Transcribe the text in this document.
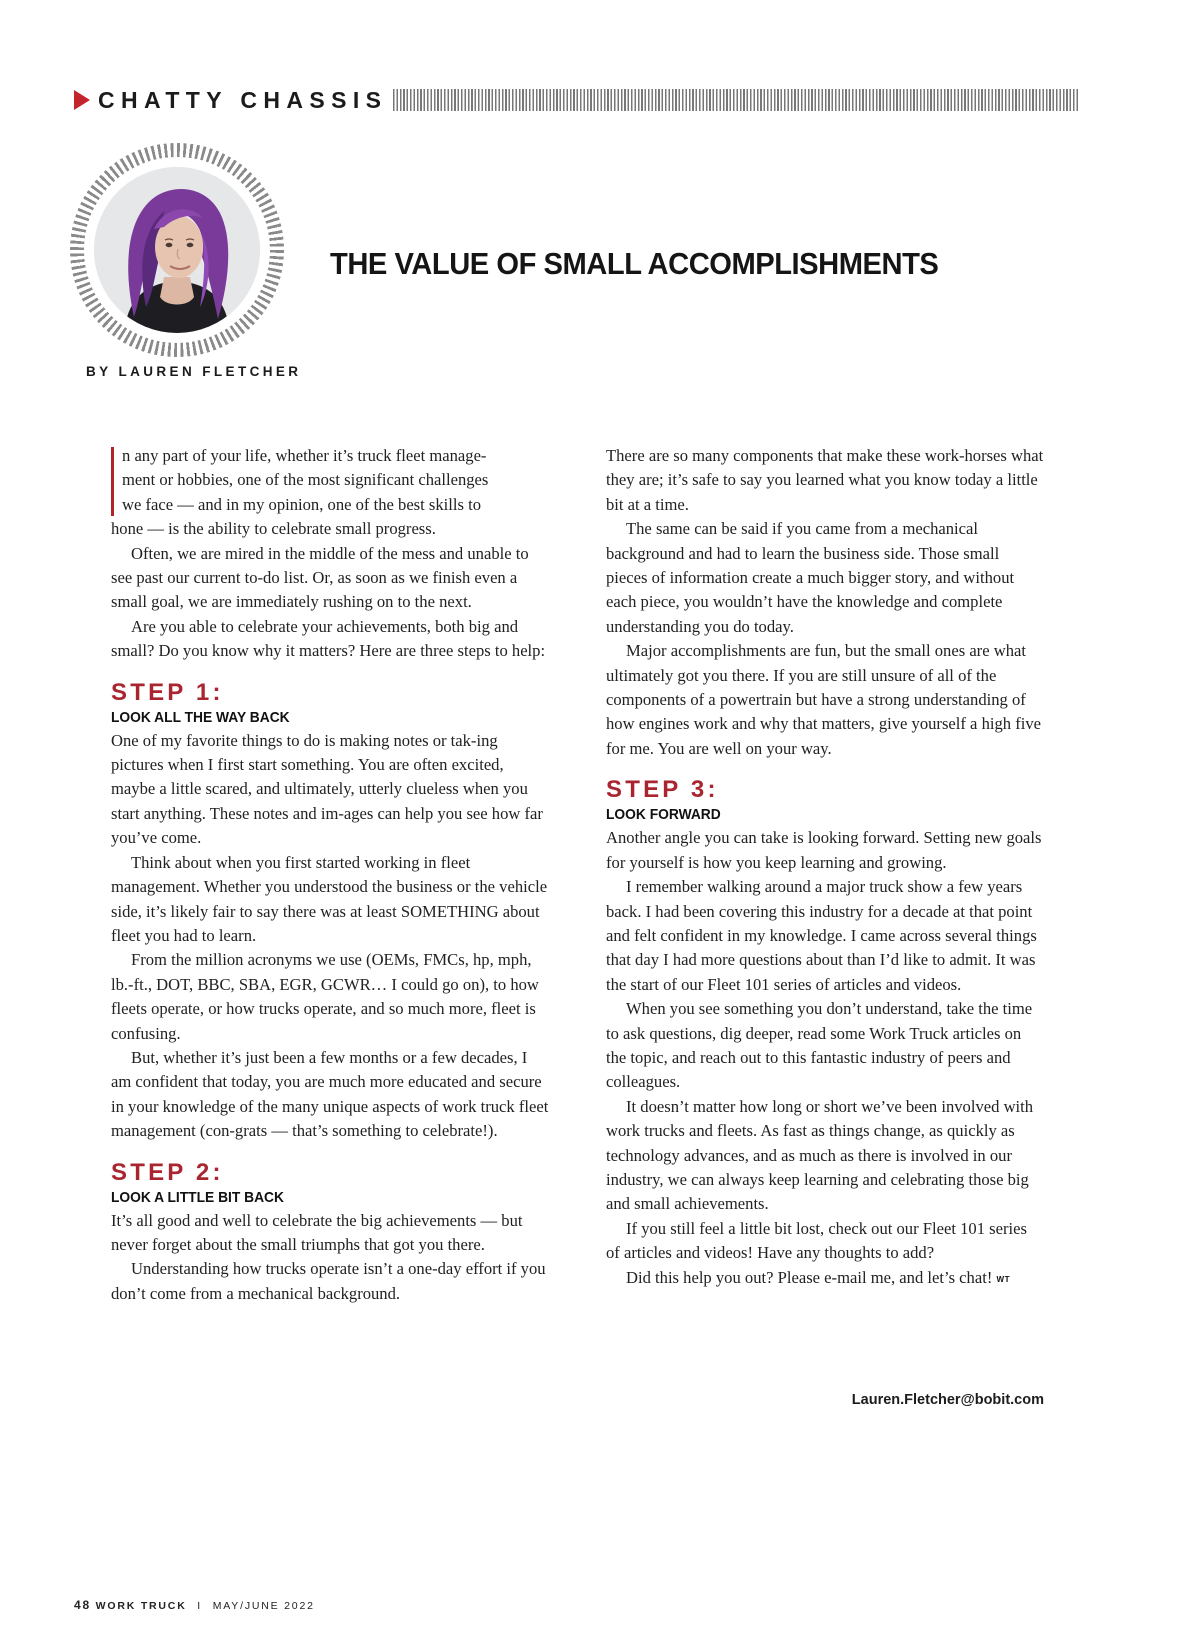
CHATTY CHASSIS
THE VALUE OF SMALL ACCOMPLISHMENTS
BY LAUREN FLETCHER
n any part of your life, whether it’s truck fleet manage-
ment or hobbies, one of the most significant challenges
we face — and in my opinion, one of the best skills to
hone — is the ability to celebrate small progress.

Often, we are mired in the middle of the mess and unable to see past our current to-do list. Or, as soon as we finish even a small goal, we are immediately rushing on to the next.

Are you able to celebrate your achievements, both big and small? Do you know why it matters? Here are three steps to help:

STEP 1:
LOOK ALL THE WAY BACK

One of my favorite things to do is making notes or tak-ing pictures when I first start something. You are often excited, maybe a little scared, and ultimately, utterly clueless when you start anything. These notes and im-ages can help you see how far you’ve come.

Think about when you first started working in fleet management. Whether you understood the business or the vehicle side, it’s likely fair to say there was at least SOMETHING about fleet you had to learn.

From the million acronyms we use (OEMs, FMCs, hp, mph, lb.-ft., DOT, BBC, SBA, EGR, GCWR… I could go on), to how fleets operate, or how trucks operate, and so much more, fleet is confusing.

But, whether it’s just been a few months or a few decades, I am confident that today, you are much more educated and secure in your knowledge of the many unique aspects of work truck fleet management (con-grats — that’s something to celebrate!).

STEP 2:
LOOK A LITTLE BIT BACK

It’s all good and well to celebrate the big achievements — but never forget about the small triumphs that got you there.

Understanding how trucks operate isn’t a one-day effort if you don’t come from a mechanical background.

There are so many components that make these work-horses what they are; it’s safe to say you learned what you know today a little bit at a time.

The same can be said if you came from a mechanical background and had to learn the business side. Those small pieces of information create a much bigger story, and without each piece, you wouldn’t have the knowledge and complete understanding you do today.

Major accomplishments are fun, but the small ones are what ultimately got you there. If you are still unsure of all of the components of a powertrain but have a strong understanding of how engines work and why that matters, give yourself a high five for me. You are well on your way.

STEP 3:
LOOK FORWARD

Another angle you can take is looking forward. Setting new goals for yourself is how you keep learning and growing.

I remember walking around a major truck show a few years back. I had been covering this industry for a decade at that point and felt confident in my knowledge. I came across several things that day I had more questions about than I’d like to admit. It was the start of our Fleet 101 series of articles and videos.

When you see something you don’t understand, take the time to ask questions, dig deeper, read some Work Truck articles on the topic, and reach out to this fantastic industry of peers and colleagues.

It doesn’t matter how long or short we’ve been involved with work trucks and fleets. As fast as things change, as quickly as technology advances, and as much as there is involved in our industry, we can always keep learning and celebrating those big and small achievements.

If you still feel a little bit lost, check out our Fleet 101 series of articles and videos! Have any thoughts to add?

Did this help you out? Please e-mail me, and let’s chat! WT

Lauren.Fletcher@bobit.com
48 WORK TRUCK I MAY/JUNE 2022
